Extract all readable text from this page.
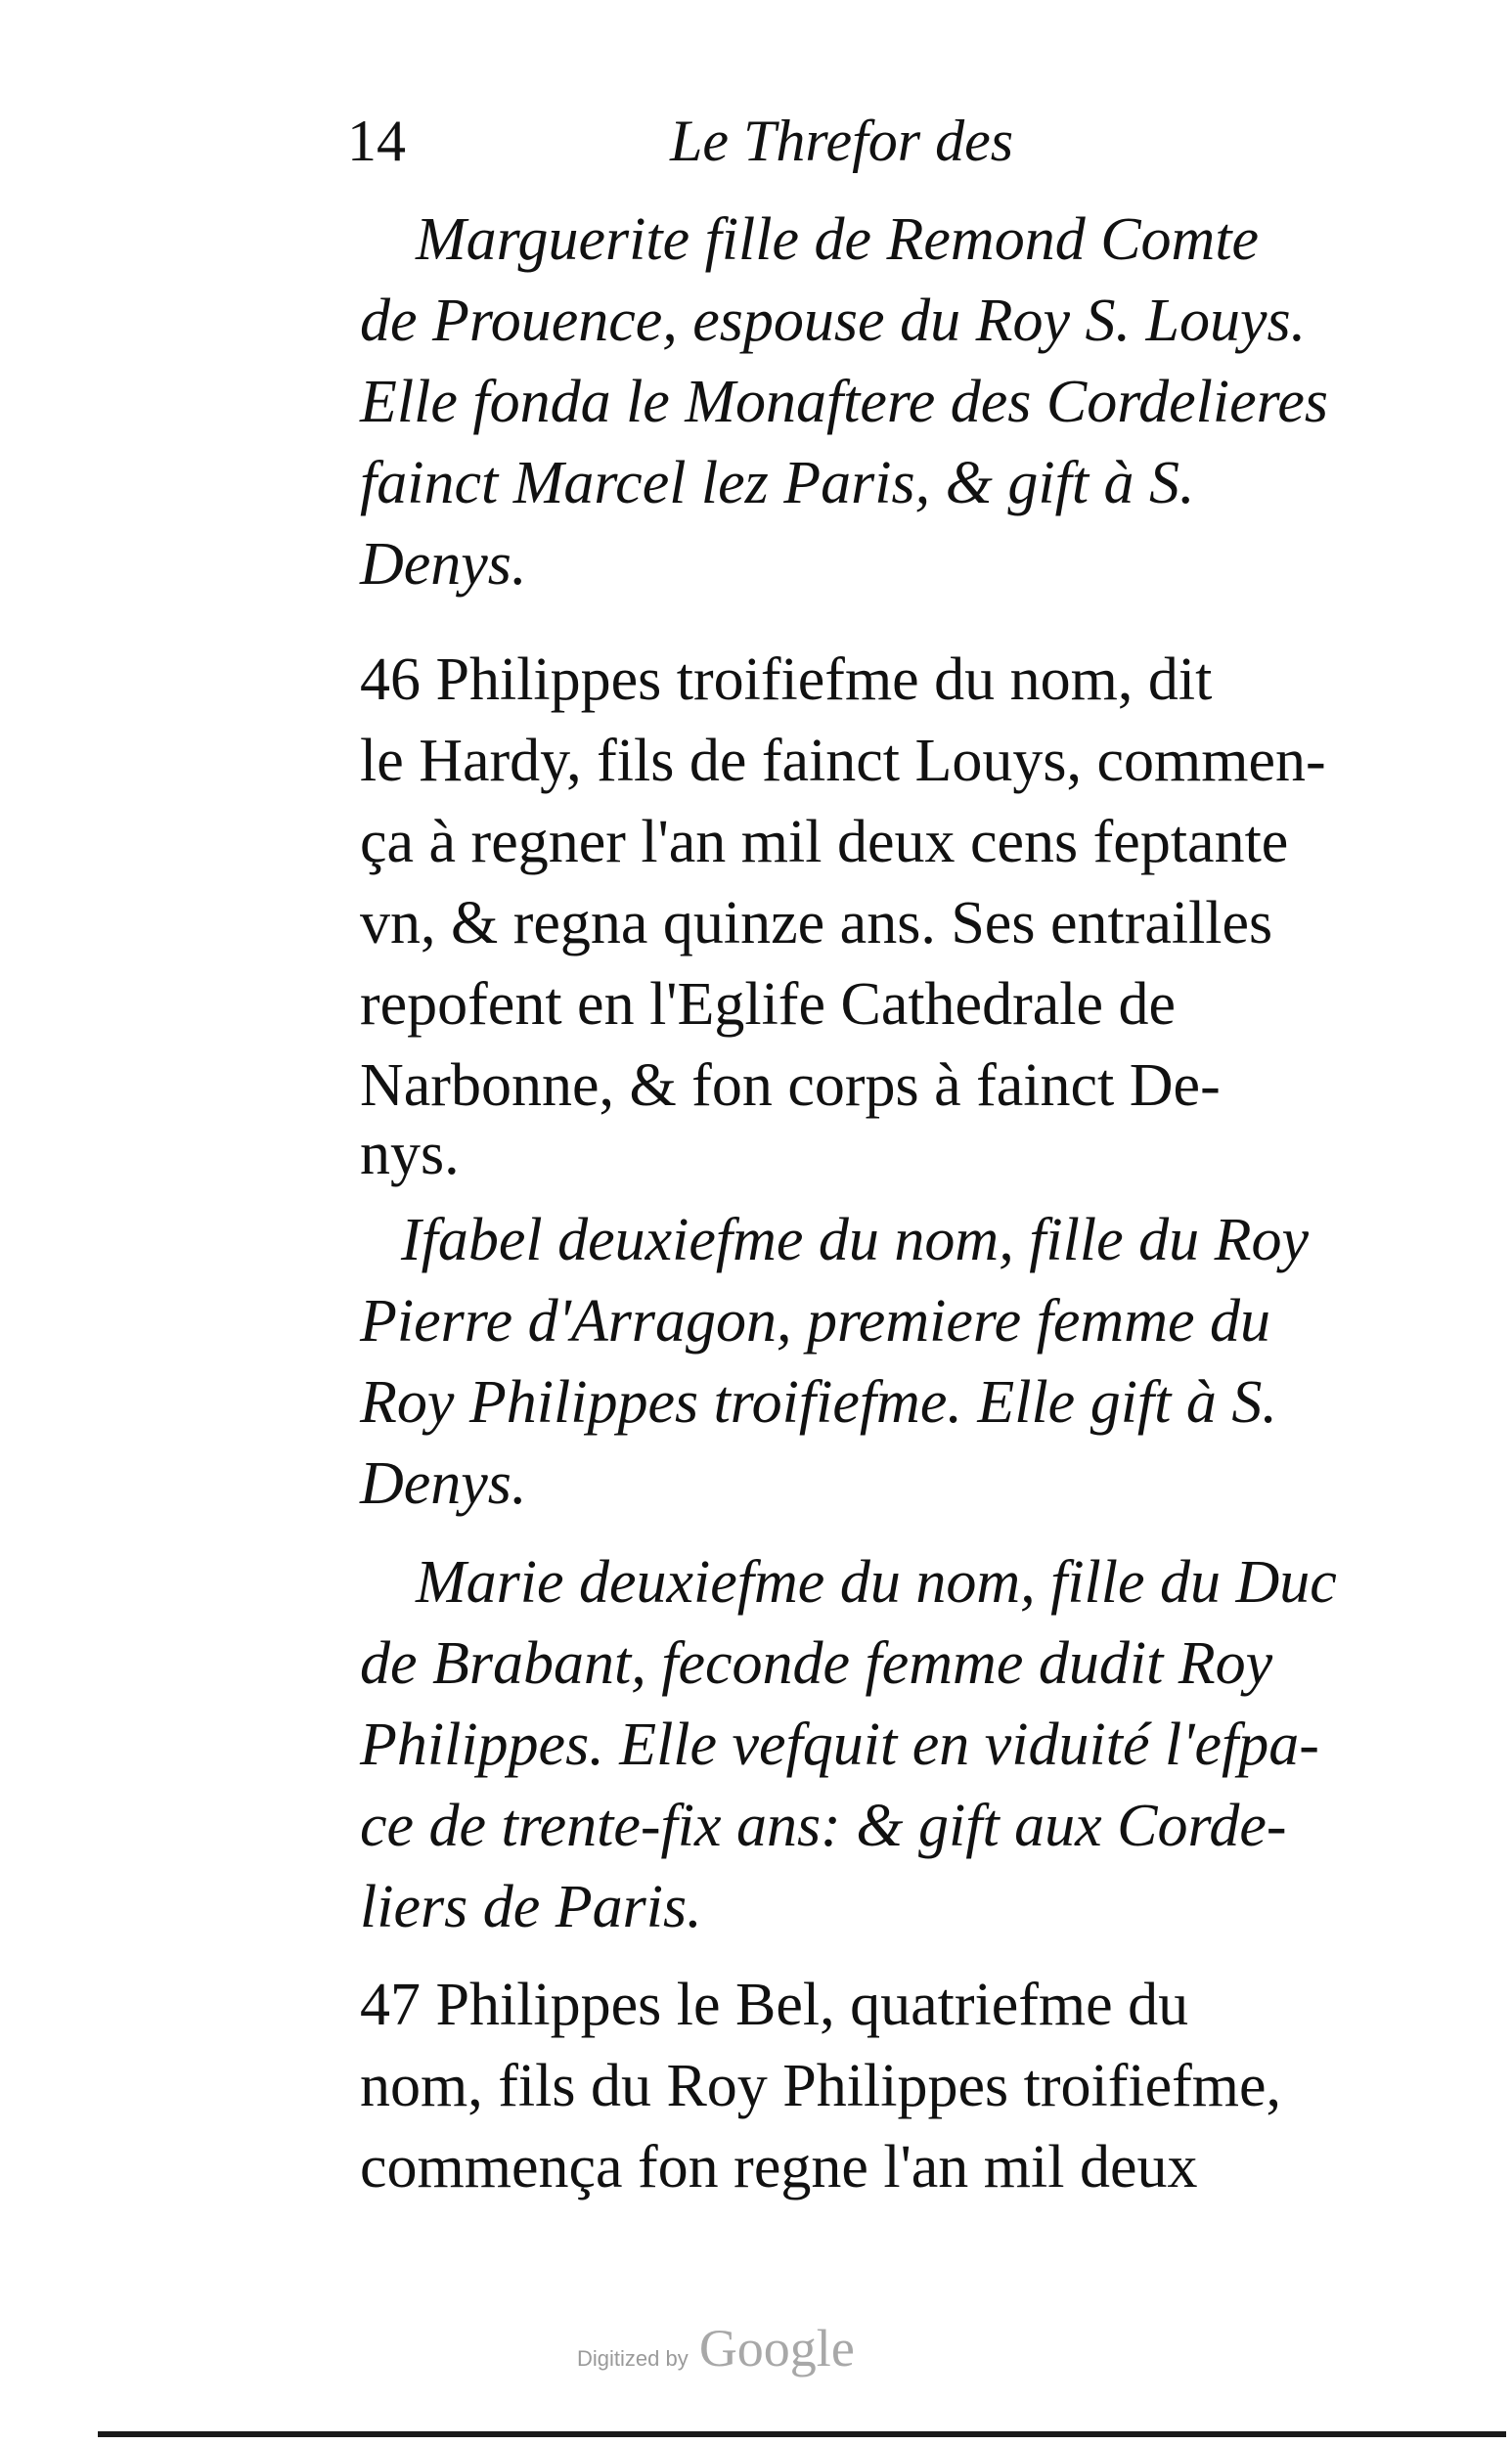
14	Le Threfor des
Marguerite fille de Remond Comte
de Prouence, espouse du Roy S. Louys.
Elle fonda le Monaftere des Cordelieres
fainct Marcel lez Paris, & gift à S.
Denys.
46 Philippes troifiefme du nom, dit
le Hardy, fils de fainct Louys, commen-
ça à regner l'an mil deux cens feptante
vn, & regna quinze ans. Ses entrailles
repofent en l'Eglife Cathedrale de
Narbonne, & fon corps à fainct De-
nys.
Ifabel deuxiefme du nom, fille du Roy
Pierre d'Arragon, premiere femme du
Roy Philippes troifiefme. Elle gift à S.
Denys.
Marie deuxiefme du nom, fille du Duc
de Brabant, feconde femme dudit Roy
Philippes. Elle vefquit en viduité l'efpa-
ce de trente-fix ans: & gift aux Corde-
liers de Paris.
47 Philippes le Bel, quatriefme du
nom, fils du Roy Philippes troifiefme,
commença fon regne l'an mil deux
Digitized by Google
